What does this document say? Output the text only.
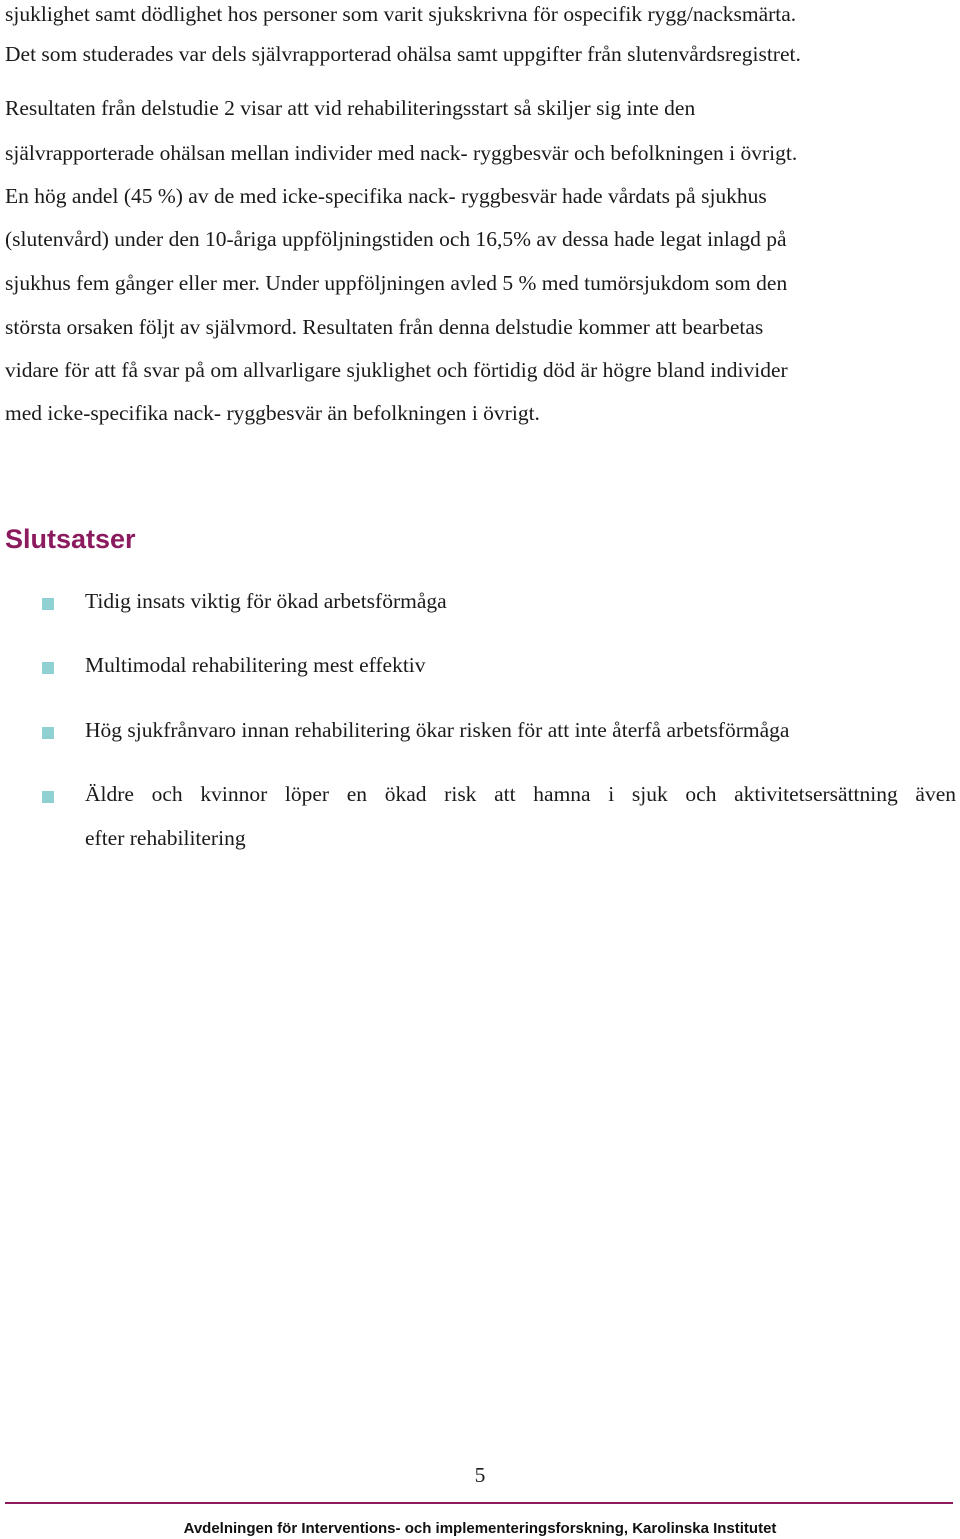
sjuklighet samt dödlighet hos personer som varit sjukskrivna för ospecifik rygg/nacksmärta.
Det som studerades var dels självrapporterad ohälsa samt uppgifter från slutenvårdsregistret.
Resultaten från delstudie 2 visar att vid rehabiliteringsstart så skiljer sig inte den
självrapporterade ohälsan mellan individer med nack- ryggbesvär och befolkningen i övrigt.
En hög andel (45 %) av de med icke-specifika nack- ryggbesvär hade vårdats på sjukhus
(slutenvård) under den 10-åriga uppföljningstiden och 16,5% av dessa hade legat inlagd på
sjukhus fem gånger eller mer. Under uppföljningen avled 5 % med tumörsjukdom som den
största orsaken följt av självmord. Resultaten från denna delstudie kommer att bearbetas
vidare för att få svar på om allvarligare sjuklighet och förtidig död är högre bland individer
med icke-specifika nack- ryggbesvär än befolkningen i övrigt.
Slutsatser
Tidig insats viktig för ökad arbetsförmåga
Multimodal rehabilitering mest effektiv
Hög sjukfrånvaro innan rehabilitering ökar risken för att inte återfå arbetsförmåga
Äldre och kvinnor löper en ökad risk att hamna i sjuk och aktivitetsersättning även
efter rehabilitering
5
Avdelningen för Interventions- och implementeringsforskning, Karolinska Institutet
